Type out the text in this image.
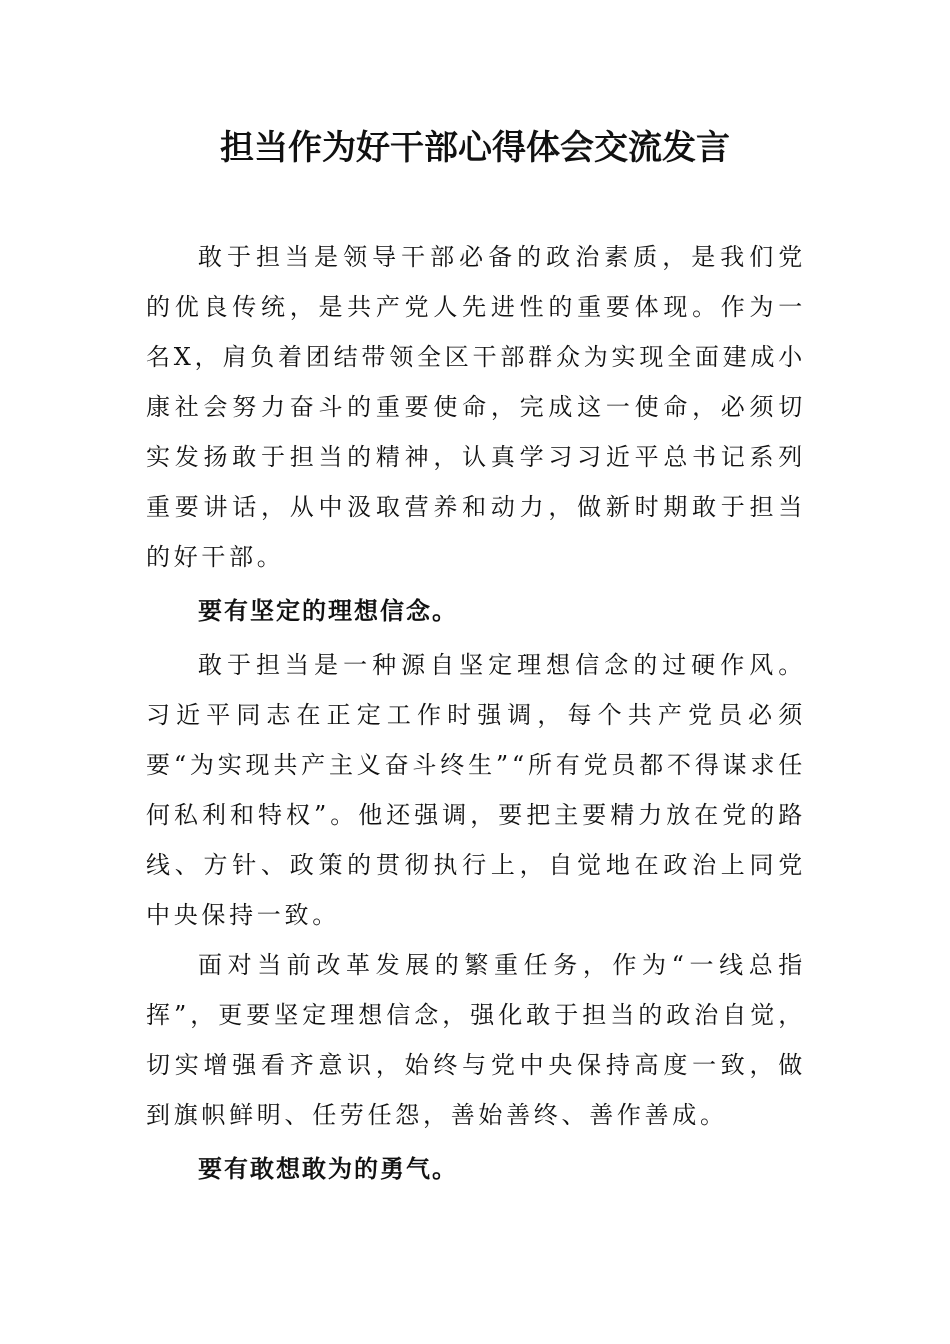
担当作为好干部心得体会交流发言

敢于担当是领导干部必备的政治素质，是我们党的优良传统，是共产党人先进性的重要体现。作为一名X，肩负着团结带领全区干部群众为实现全面建成小康社会努力奋斗的重要使命，完成这一使命，必须切实发扬敢于担当的精神，认真学习习近平总书记系列重要讲话，从中汲取营养和动力，做新时期敢于担当的好干部。

要有坚定的理想信念。

敢于担当是一种源自坚定理想信念的过硬作风。习近平同志在正定工作时强调，每个共产党员必须要“为实现共产主义奋斗终生”“所有党员都不得谋求任何私利和特权”。他还强调，要把主要精力放在党的路线、方针、政策的贯彻执行上，自觉地在政治上同党中央保持一致。

面对当前改革发展的繁重任务，作为“一线总指挥”，更要坚定理想信念，强化敢于担当的政治自觉，切实增强看齐意识，始终与党中央保持高度一致，做到旗帜鲜明、任劳任怨，善始善终、善作善成。

要有敢想敢为的勇气。
